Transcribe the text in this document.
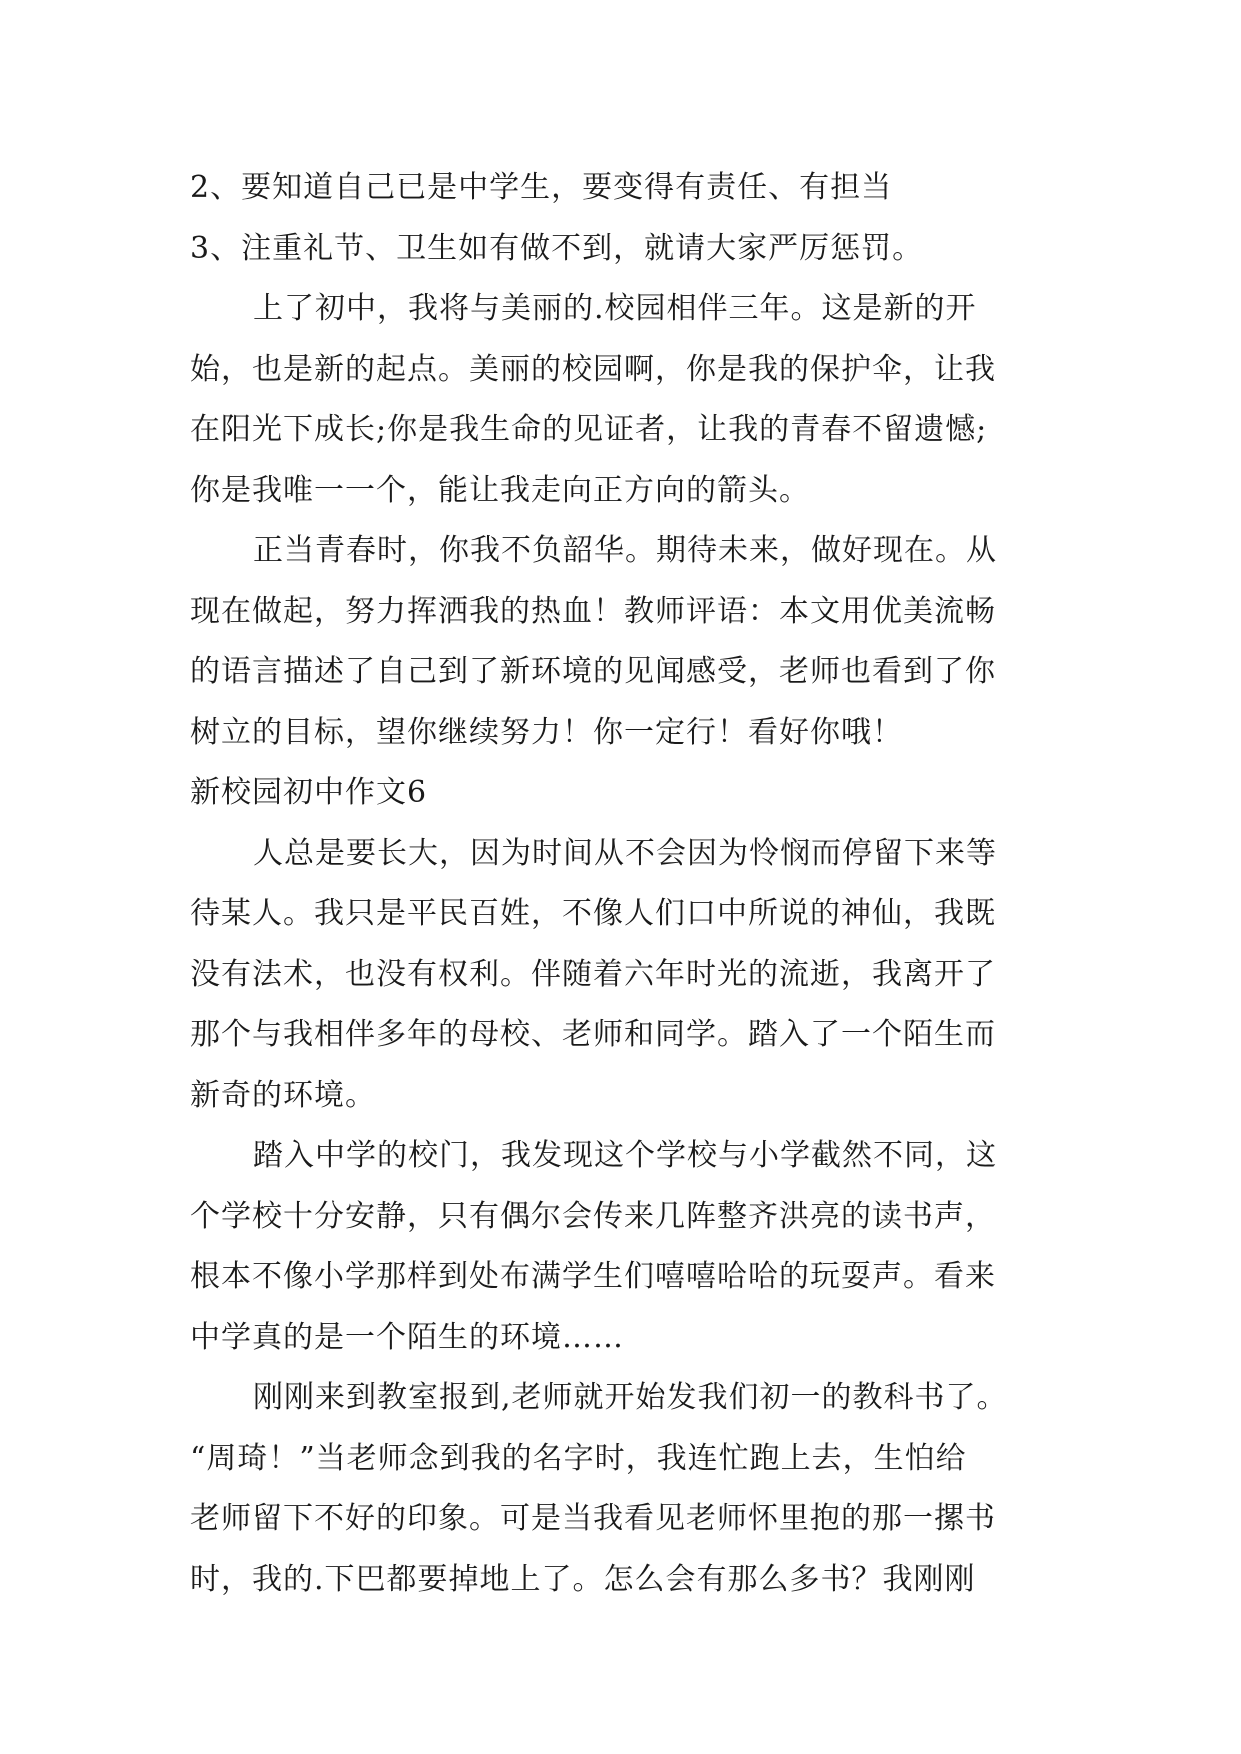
2、要知道自己已是中学生，要变得有责任、有担当
3、注重礼节、卫生如有做不到，就请大家严厉惩罚。
上了初中，我将与美丽的.校园相伴三年。这是新的开
始，也是新的起点。美丽的校园啊，你是我的保护伞，让我
在阳光下成长;你是我生命的见证者，让我的青春不留遗憾;
你是我唯一一个，能让我走向正方向的箭头。
正当青春时，你我不负韶华。期待未来，做好现在。从
现在做起，努力挥洒我的热血！教师评语：本文用优美流畅
的语言描述了自己到了新环境的见闻感受，老师也看到了你
树立的目标，望你继续努力！你一定行！看好你哦！
新校园初中作文6
人总是要长大，因为时间从不会因为怜悯而停留下来等
待某人。我只是平民百姓，不像人们口中所说的神仙，我既
没有法术，也没有权利。伴随着六年时光的流逝，我离开了
那个与我相伴多年的母校、老师和同学。踏入了一个陌生而
新奇的环境。
踏入中学的校门，我发现这个学校与小学截然不同，这
个学校十分安静，只有偶尔会传来几阵整齐洪亮的读书声，
根本不像小学那样到处布满学生们嘻嘻哈哈的玩耍声。看来
中学真的是一个陌生的环境……
刚刚来到教室报到,老师就开始发我们初一的教科书了。
“周琦！”当老师念到我的名字时，我连忙跑上去，生怕给
老师留下不好的印象。可是当我看见老师怀里抱的那一摞书
时，我的.下巴都要掉地上了。怎么会有那么多书？我刚刚
